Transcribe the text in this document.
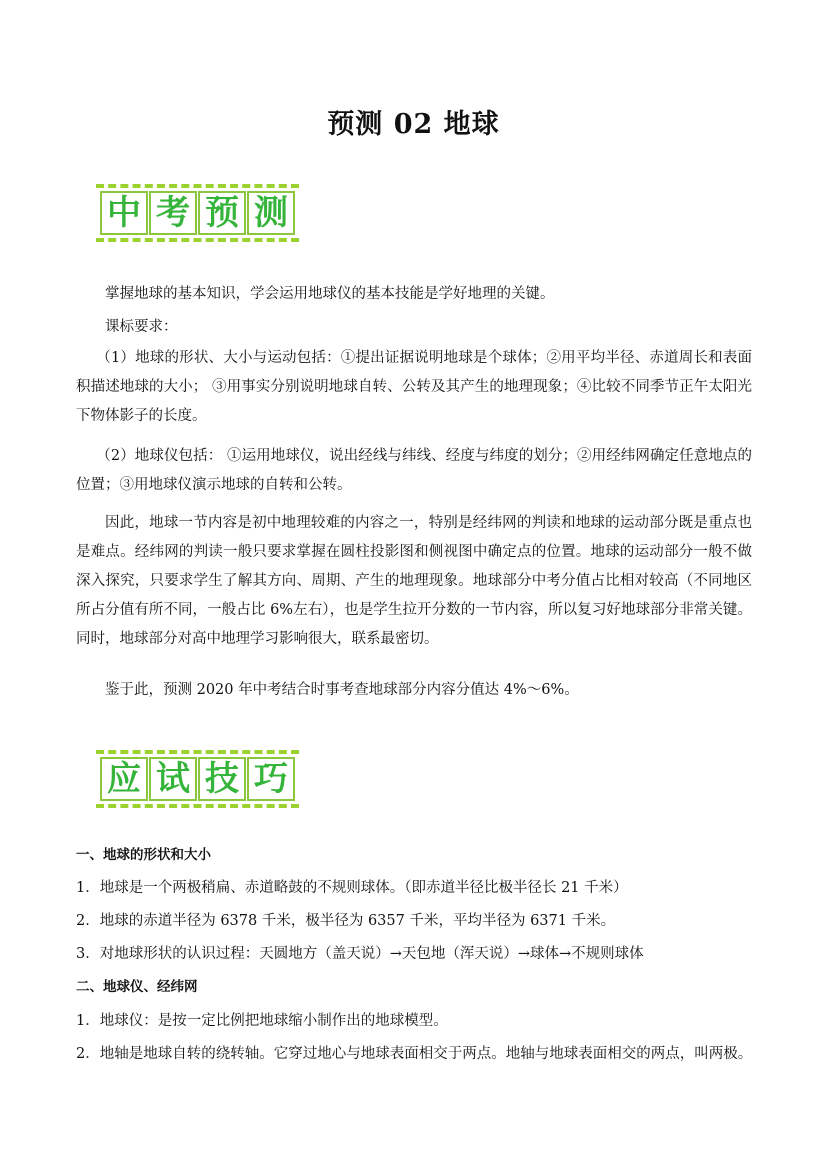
预测 02 地球
中 考 预 测
掌握地球的基本知识，学会运用地球仪的基本技能是学好地理的关键。
课标要求：
（1）地球的形状、大小与运动包括：①提出证据说明地球是个球体；②用平均半径、赤道周长和表面积描述地球的大小； ③用事实分别说明地球自转、公转及其产生的地理现象；④比较不同季节正午太阳光下物体影子的长度。
（2）地球仪包括： ①运用地球仪，说出经线与纬线、经度与纬度的划分；②用经纬网确定任意地点的位置；③用地球仪演示地球的自转和公转。
因此，地球一节内容是初中地理较难的内容之一，特别是经纬网的判读和地球的运动部分既是重点也是难点。经纬网的判读一般只要求掌握在圆柱投影图和侧视图中确定点的位置。地球的运动部分一般不做深入探究，只要求学生了解其方向、周期、产生的地理现象。地球部分中考分值占比相对较高（不同地区所占分值有所不同，一般占比 6%左右），也是学生拉开分数的一节内容，所以复习好地球部分非常关键。同时，地球部分对高中地理学习影响很大，联系最密切。
鉴于此，预测 2020 年中考结合时事考查地球部分内容分值达 4%～6%。
应 试 技 巧
一、地球的形状和大小
1．地球是一个两极稍扁、赤道略鼓的不规则球体。（即赤道半径比极半径长 21 千米）
2．地球的赤道半径为 6378 千米，极半径为 6357 千米，平均半径为 6371 千米。
3．对地球形状的认识过程：天圆地方（盖天说）→天包地（浑天说）→球体→不规则球体
二、地球仪、经纬网
1．地球仪：是按一定比例把地球缩小制作出的地球模型。
2．地轴是地球自转的绕转轴。它穿过地心与地球表面相交于两点。地轴与地球表面相交的两点，叫两极。
